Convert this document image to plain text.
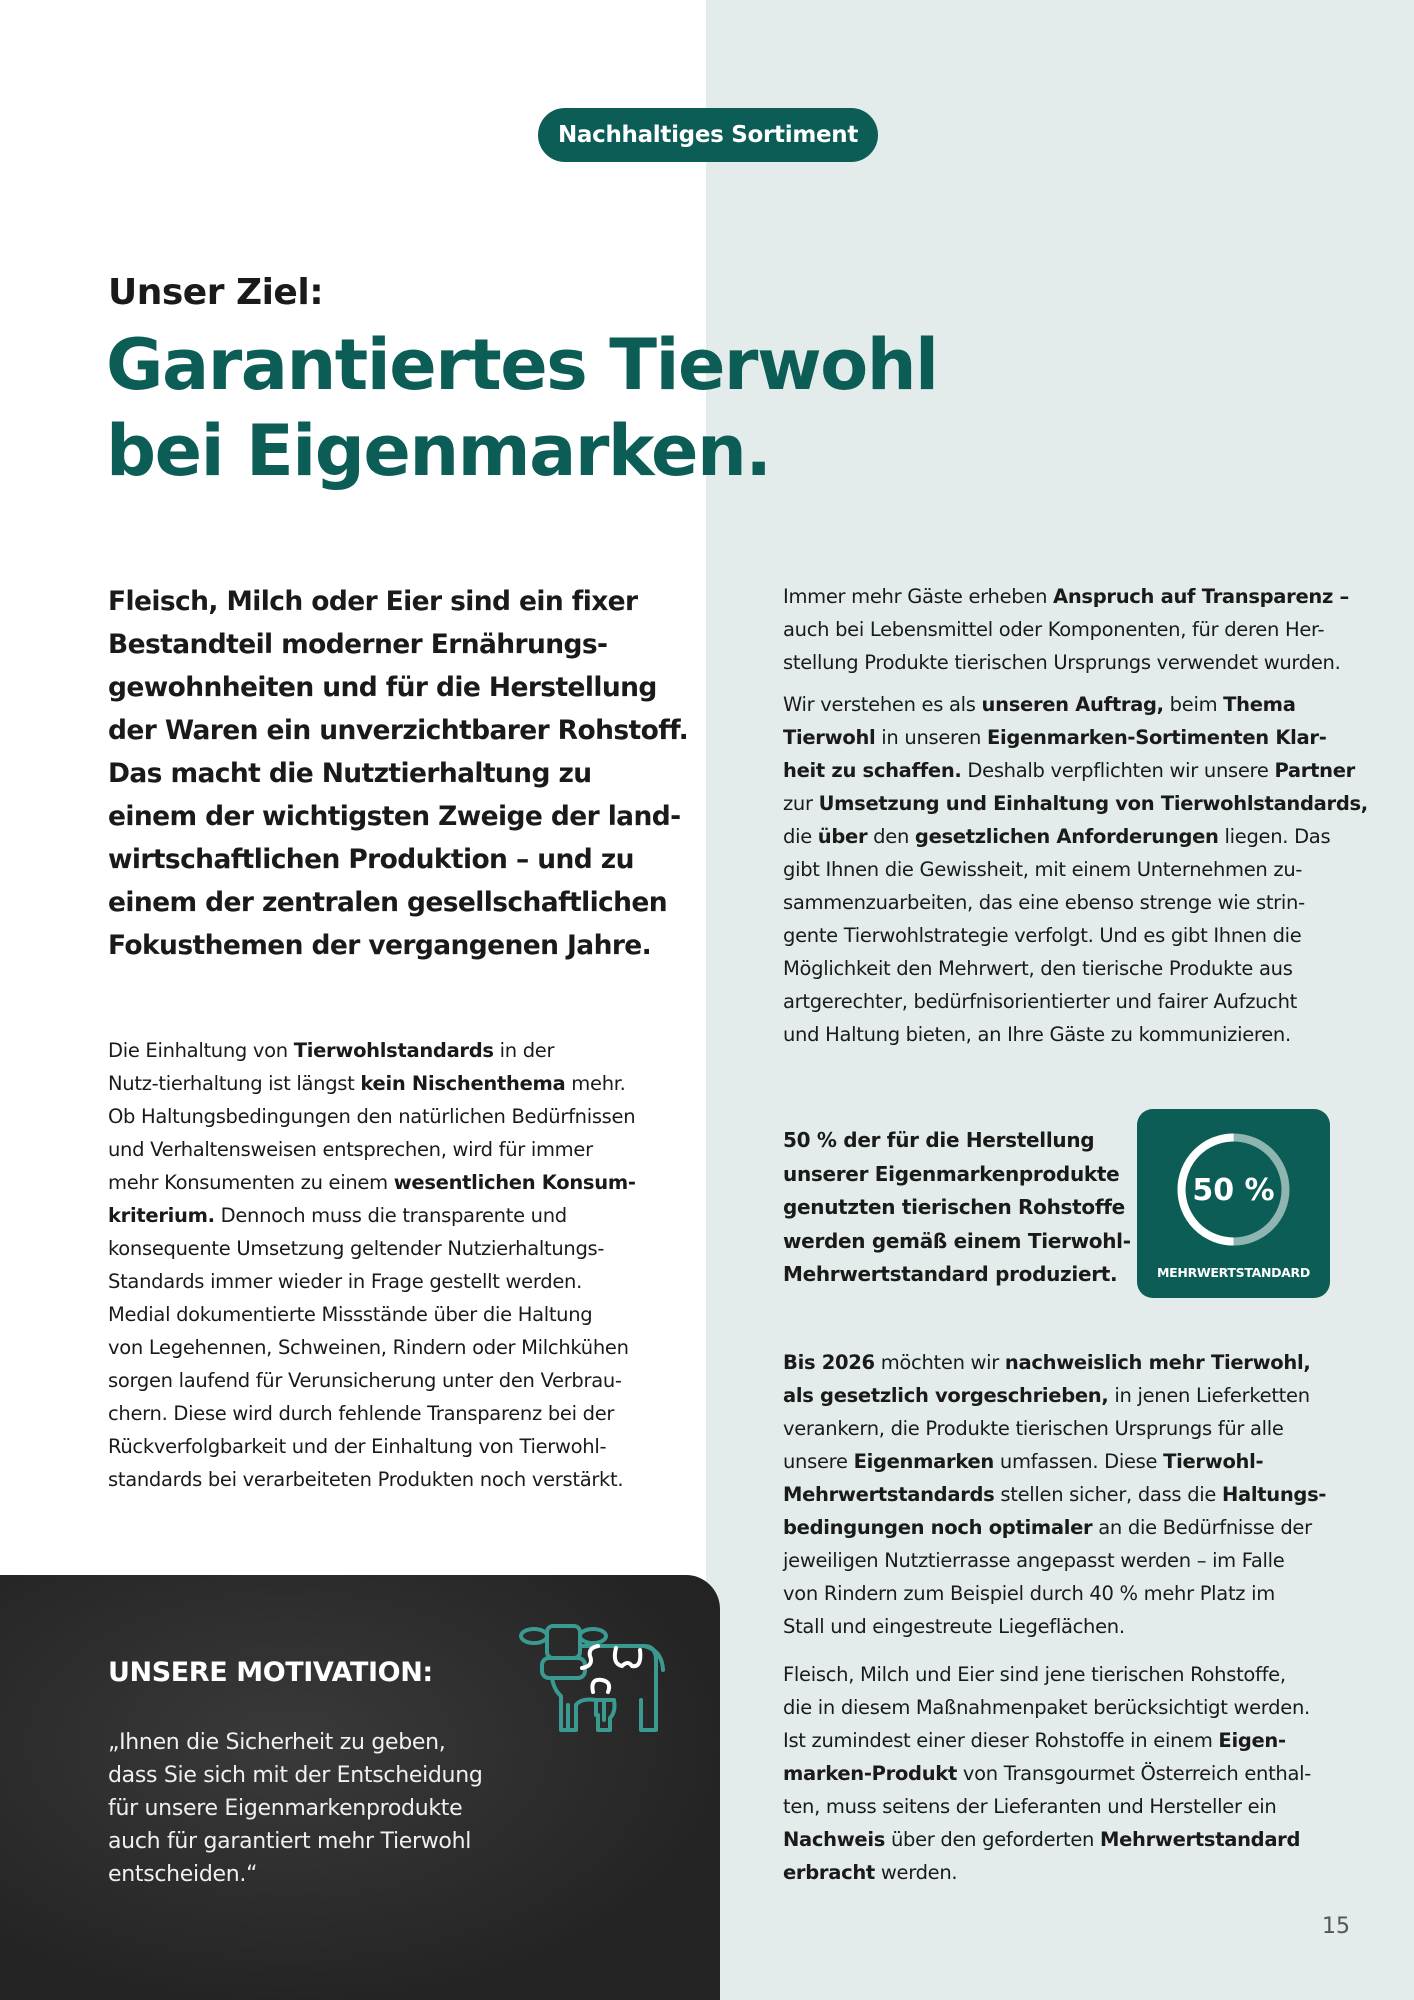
Nachhaltiges Sortiment
Unser Ziel:
Garantiertes Tierwohl
bei Eigenmarken.
Fleisch, Milch oder Eier sind ein fixer
Bestandteil moderner Ernährungs-
gewohnheiten und für die Herstellung
der Waren ein unverzichtbarer Rohstoff.
Das macht die Nutztierhaltung zu
einem der wichtigsten Zweige der land-
wirtschaftlichen Produktion – und zu
einem der zentralen gesellschaftlichen
Fokusthemen der vergangenen Jahre.
Die Einhaltung von Tierwohlstandards in der
Nutz-tierhaltung ist längst kein Nischenthema mehr.
Ob Haltungsbedingungen den natürlichen Bedürfnissen
und Verhaltensweisen entsprechen, wird für immer
mehr Konsumenten zu einem wesentlichen Konsum-
kriterium. Dennoch muss die transparente und
konsequente Umsetzung geltender Nutzierhaltungs-
Standards immer wieder in Frage gestellt werden.
Medial dokumentierte Missstände über die Haltung
von Legehennen, Schweinen, Rindern oder Milchkühen
sorgen laufend für Verunsicherung unter den Verbrau-
chern. Diese wird durch fehlende Transparenz bei der
Rückverfolgbarkeit und der Einhaltung von Tierwohl-
standards bei verarbeiteten Produkten noch verstärkt.
Immer mehr Gäste erheben Anspruch auf Transparenz –
auch bei Lebensmittel oder Komponenten, für deren Her-
stellung Produkte tierischen Ursprungs verwendet wurden.
Wir verstehen es als unseren Auftrag, beim Thema
Tierwohl in unseren Eigenmarken-Sortimenten Klar-
heit zu schaffen. Deshalb verpflichten wir unsere Partner
zur Umsetzung und Einhaltung von Tierwohlstandards,
die über den gesetzlichen Anforderungen liegen. Das
gibt Ihnen die Gewissheit, mit einem Unternehmen zu-
sammenzuarbeiten, das eine ebenso strenge wie strin-
gente Tierwohlstrategie verfolgt. Und es gibt Ihnen die
Möglichkeit den Mehrwert, den tierische Produkte aus
artgerechter, bedürfnisorientierter und fairer Aufzucht
und Haltung bieten, an Ihre Gäste zu kommunizieren.
50 % der für die Herstellung
unserer Eigenmarkenprodukte
genutzten tierischen Rohstoffe
werden gemäß einem Tierwohl-
Mehrwertstandard produziert.
Bis 2026 möchten wir nachweislich mehr Tierwohl,
als gesetzlich vorgeschrieben, in jenen Lieferketten
verankern, die Produkte tierischen Ursprungs für alle
unsere Eigenmarken umfassen. Diese Tierwohl-
Mehrwertstandards stellen sicher, dass die Haltungs-
bedingungen noch optimaler an die Bedürfnisse der
jeweiligen Nutztierrasse angepasst werden – im Falle
von Rindern zum Beispiel durch 40 % mehr Platz im
Stall und eingestreute Liegeflächen.
Fleisch, Milch und Eier sind jene tierischen Rohstoffe,
die in diesem Maßnahmenpaket berücksichtigt werden.
Ist zumindest einer dieser Rohstoffe in einem Eigen-
marken-Produkt von Transgourmet Österreich enthal-
ten, muss seitens der Lieferanten und Hersteller ein
Nachweis über den geforderten Mehrwertstandard
erbracht werden.
50 %
MEHRWERTSTANDARD
UNSERE MOTIVATION:
„Ihnen die Sicherheit zu geben,
dass Sie sich mit der Entscheidung
für unsere Eigenmarkenprodukte
auch für garantiert mehr Tierwohl
entscheiden.“
15
